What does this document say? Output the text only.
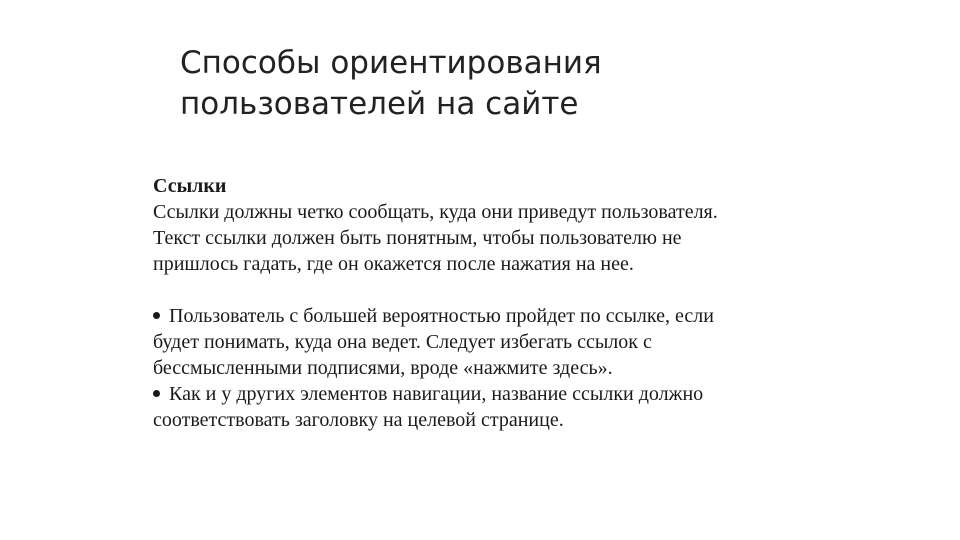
Способы ориентирования
пользователей на сайте
Ссылки
Ссылки должны четко сообщать, куда они приведут пользователя.
Текст ссылки должен быть понятным, чтобы пользователю не
пришлось гадать, где он окажется после нажатия на нее.
Пользователь с большей вероятностью пройдет по ссылке, если
будет понимать, куда она ведет. Следует избегать ссылок с
бессмысленными подписями, вроде «нажмите здесь».
Как и у других элементов навигации, название ссылки должно
соответствовать заголовку на целевой странице.
